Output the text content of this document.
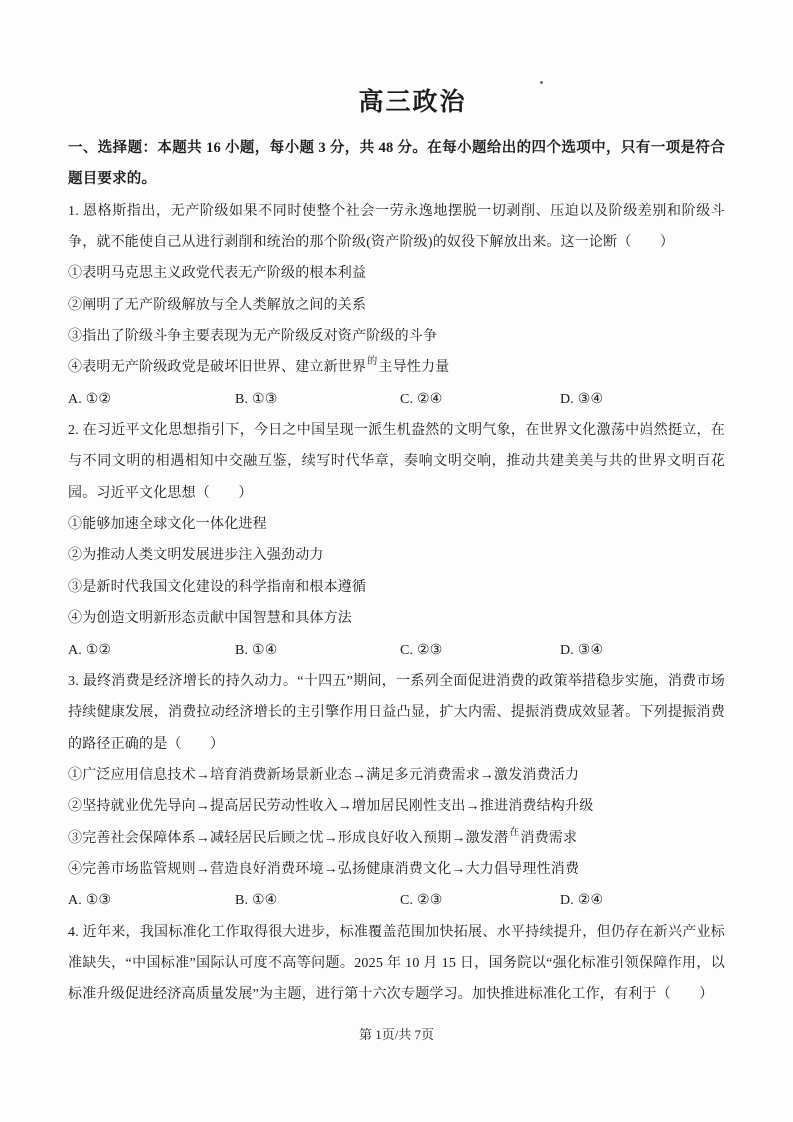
高三政治

一、选择题：本题共 16 小题，每小题 3 分，共 48 分。在每小题给出的四个选项中，只有一项是符合题目要求的。

1. 恩格斯指出，无产阶级如果不同时使整个社会一劳永逸地摆脱一切剥削、压迫以及阶级差别和阶级斗争，就不能使自己从进行剥削和统治的那个阶级(资产阶级)的奴役下解放出来。这一论断（　　）

①表明马克思主义政党代表无产阶级的根本利益

②阐明了无产阶级解放与全人类解放之间的关系

③指出了阶级斗争主要表现为无产阶级反对资产阶级的斗争

④表明无产阶级政党是破坏旧世界、建立新世界的主导性力量

A. ①②	B. ①③	C. ②④	D. ③④

2. 在习近平文化思想指引下，今日之中国呈现一派生机盎然的文明气象，在世界文化激荡中岿然挺立，在与不同文明的相遇相知中交融互鉴，续写时代华章，奏响文明交响，推动共建美美与共的世界文明百花园。习近平文化思想（　　）

①能够加速全球文化一体化进程

②为推动人类文明发展进步注入强劲动力

③是新时代我国文化建设的科学指南和根本遵循

④为创造文明新形态贡献中国智慧和具体方法

A. ①②	B. ①④	C. ②③	D. ③④

3. 最终消费是经济增长的持久动力。“十四五”期间，一系列全面促进消费的政策举措稳步实施，消费市场持续健康发展，消费拉动经济增长的主引擎作用日益凸显，扩大内需、提振消费成效显著。下列提振消费的路径正确的是（　　）

①广泛应用信息技术→培育消费新场景新业态→满足多元消费需求→激发消费活力

②坚持就业优先导向→提高居民劳动性收入→增加居民刚性支出→推进消费结构升级

③完善社会保障体系→减轻居民后顾之忧→形成良好收入预期→激发潜在消费需求

④完善市场监管规则→营造良好消费环境→弘扬健康消费文化→大力倡导理性消费

A. ①③	B. ①④	C. ②③	D. ②④

4. 近年来，我国标准化工作取得很大进步，标准覆盖范围加快拓展、水平持续提升，但仍存在新兴产业标准缺失，“中国标准”国际认可度不高等问题。2025 年 10 月 15 日，国务院以“强化标准引领保障作用，以标准升级促进经济高质量发展”为主题，进行第十六次专题学习。加快推进标准化工作，有利于（　　）

第 1页/共 7页
